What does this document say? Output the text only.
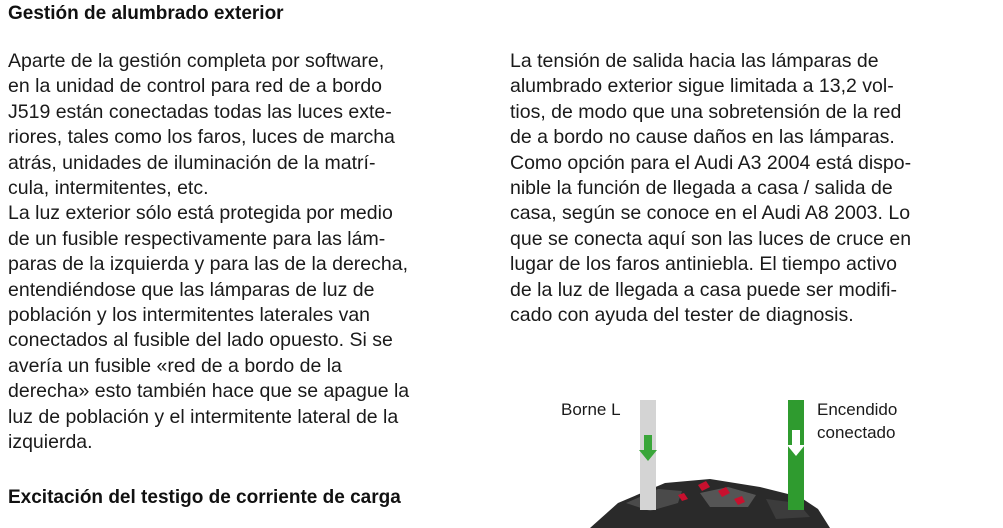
Gestión de alumbrado exterior

Aparte de la gestión completa por software,
en la unidad de control para red de a bordo
J519 están conectadas todas las luces exte-
riores, tales como los faros, luces de marcha
atrás, unidades de iluminación de la matrí-
cula, intermitentes, etc.

La luz exterior sólo está protegida por medio
de un fusible respectivamente para las lám-
paras de la izquierda y para las de la derecha,
entendiéndose que las lámparas de luz de
población y los intermitentes laterales van
conectados al fusible del lado opuesto. Si se
avería un fusible «red de a bordo de la
derecha» esto también hace que se apague la
luz de población y el intermitente lateral de la
izquierda.

La tensión de salida hacia las lámparas de
alumbrado exterior sigue limitada a 13,2 vol-
tios, de modo que una sobretensión de la red
de a bordo no cause daños en las lámparas.
Como opción para el Audi A3 2004 está dispo-
nible la función de llegada a casa / salida de
casa, según se conoce en el Audi A8 2003. Lo
que se conecta aquí son las luces de cruce en
lugar de los faros antiniebla. El tiempo activo
de la luz de llegada a casa puede ser modifi-
cado con ayuda del tester de diagnosis.

Excitación del testigo de corriente de carga
Borne L	Encendido
conectado
